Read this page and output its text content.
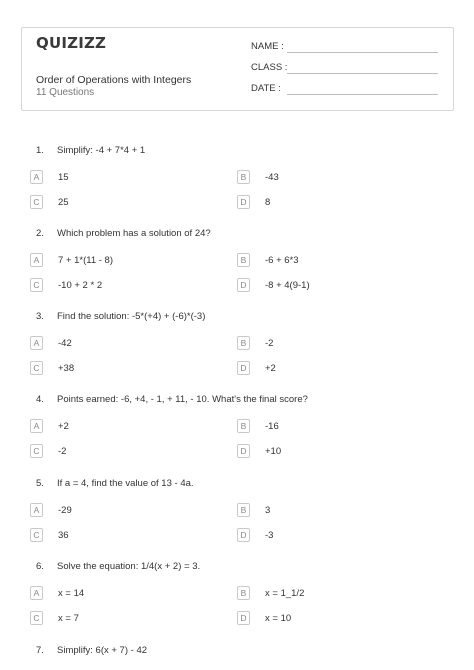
QUIZIZZ
Order of Operations with Integers
11 Questions
NAME :
CLASS :
DATE :
1. Simplify: -4 + 7*4 + 1
A	15	B	-43
C	25	D	8
2. Which problem has a solution of 24?
A	7 + 1*(11 - 8)	B	-6 + 6*3
C	-10 + 2 * 2	D	-8 + 4(9-1)
3. Find the solution: -5*(+4) + (-6)*(-3)
A	-42	B	-2
C	+38	D	+2
4. Points earned: -6, +4, - 1, + 11, - 10. What's the final score?
A	+2	B	-16
C	-2	D	+10
5. If a = 4, find the value of 13 - 4a.
A	-29	B	3
C	36	D	-3
6. Solve the equation: 1/4(x + 2) = 3.
A	x = 14	B	x = 1_1/2
C	x = 7	D	x = 10
7. Simplify: 6(x + 7) - 42
